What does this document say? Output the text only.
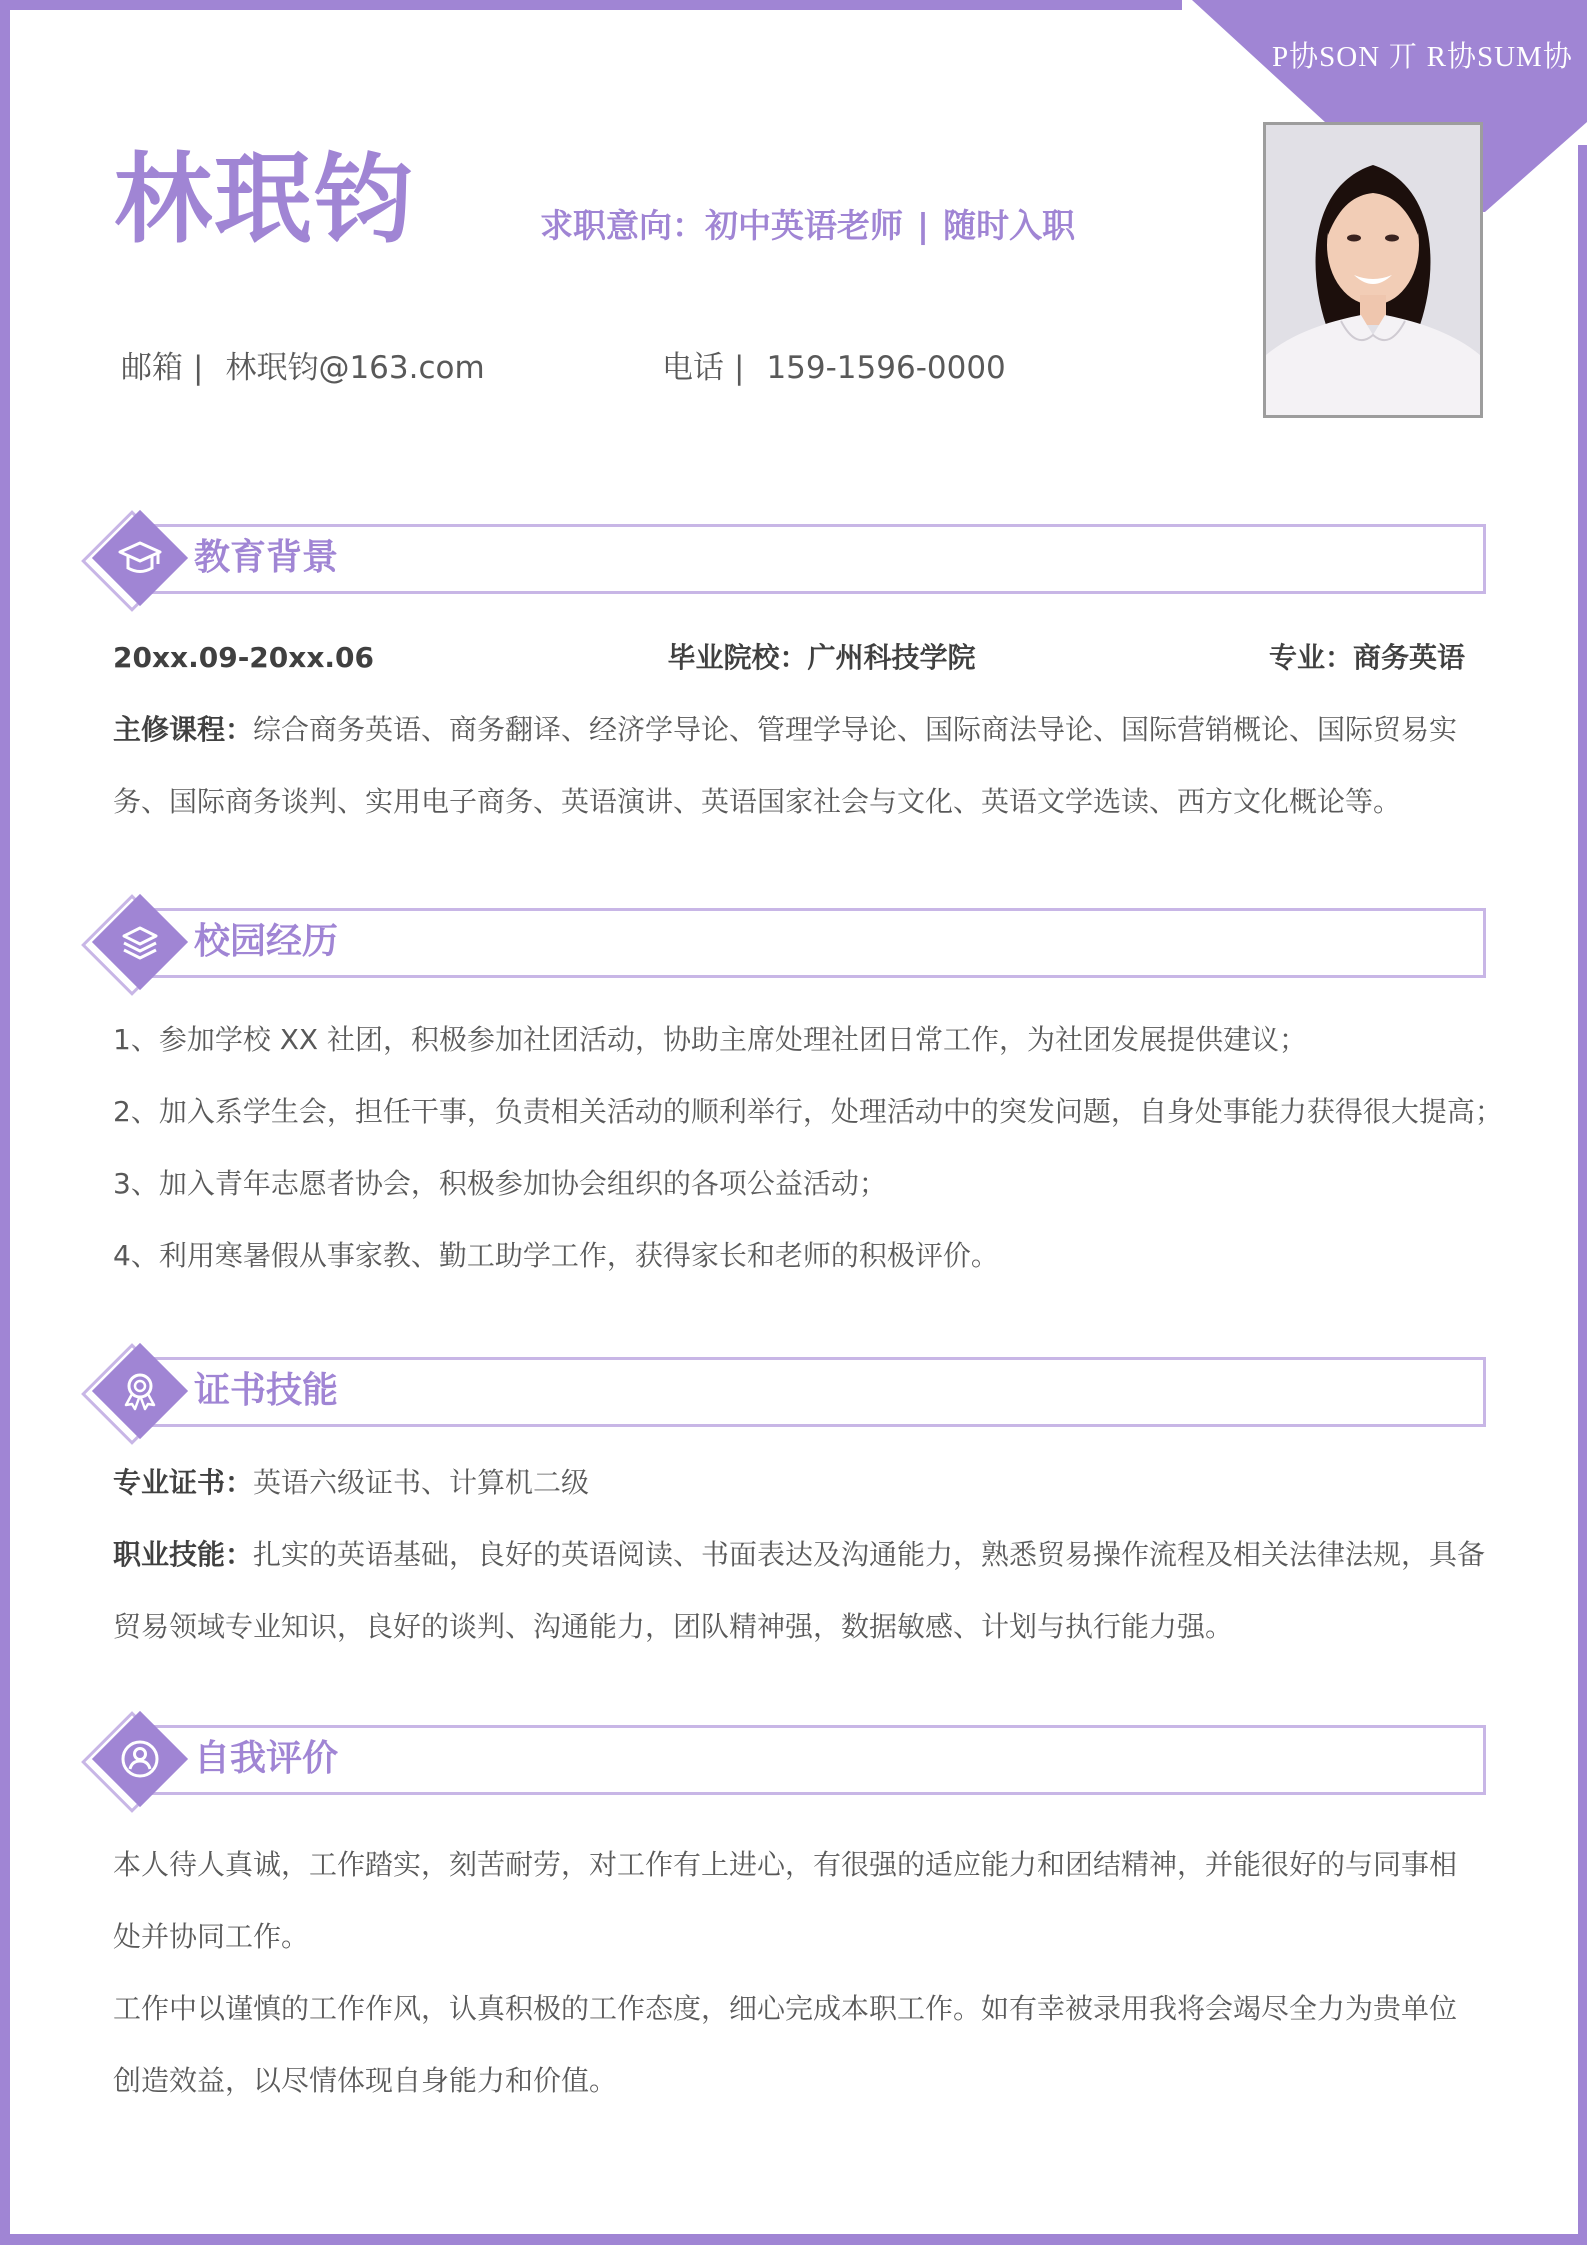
P协SON 丌 R协SUM协
林珉钧	求职意向：初中英语老师 | 随时入职
邮箱 | 林珉钧@163.com	电话 | 159-1596-0000
教育背景
20xx.09-20xx.06	毕业院校：广州科技学院	专业：商务英语
主修课程：综合商务英语、商务翻译、经济学导论、管理学导论、国际商法导论、国际营销概论、国际贸易实
务、国际商务谈判、实用电子商务、英语演讲、英语国家社会与文化、英语文学选读、西方文化概论等。
校园经历
1、参加学校 XX 社团，积极参加社团活动，协助主席处理社团日常工作，为社团发展提供建议；
2、加入系学生会，担任干事，负责相关活动的顺利举行，处理活动中的突发问题，自身处事能力获得很大提高；
3、加入青年志愿者协会，积极参加协会组织的各项公益活动；
4、利用寒暑假从事家教、勤工助学工作，获得家长和老师的积极评价。
证书技能
专业证书：英语六级证书、计算机二级
职业技能：扎实的英语基础，良好的英语阅读、书面表达及沟通能力，熟悉贸易操作流程及相关法律法规，具备
贸易领域专业知识，良好的谈判、沟通能力，团队精神强，数据敏感、计划与执行能力强。
自我评价
本人待人真诚，工作踏实，刻苦耐劳，对工作有上进心，有很强的适应能力和团结精神，并能很好的与同事相
处并协同工作。
工作中以谨慎的工作作风，认真积极的工作态度，细心完成本职工作。如有幸被录用我将会竭尽全力为贵单位
创造效益，以尽情体现自身能力和价值。
